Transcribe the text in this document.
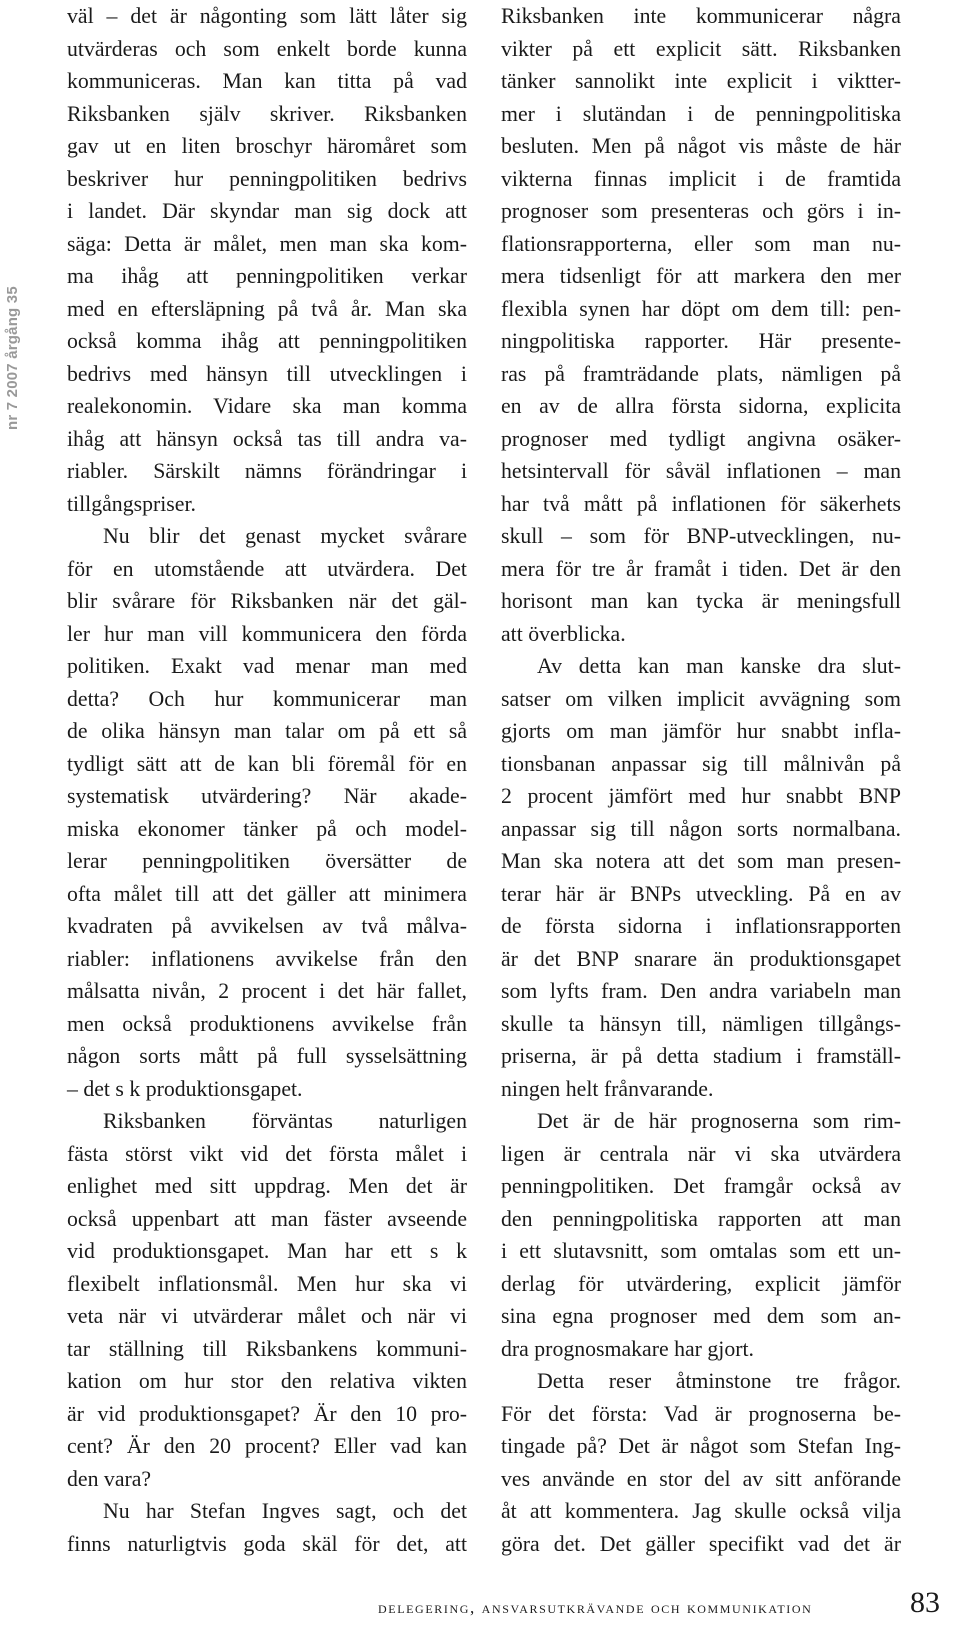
nr 7 2007 årgång 35
väl – det är någonting som lätt låter sig
utvärderas och som enkelt borde kunna
kommuniceras. Man kan titta på vad
Riksbanken själv skriver. Riksbanken
gav ut en liten broschyr häromåret som
beskriver hur penningpolitiken bedrivs
i landet. Där skyndar man sig dock att
säga: Detta är målet, men man ska kom-
ma ihåg att penningpolitiken verkar
med en eftersläpning på två år. Man ska
också komma ihåg att penningpolitiken
bedrivs med hänsyn till utvecklingen i
realekonomin. Vidare ska man komma
ihåg att hänsyn också tas till andra va-
riabler. Särskilt nämns förändringar i
tillgångspriser.
Nu blir det genast mycket svårare
för en utomstående att utvärdera. Det
blir svårare för Riksbanken när det gäl-
ler hur man vill kommunicera den förda
politiken. Exakt vad menar man med
detta? Och hur kommunicerar man
de olika hänsyn man talar om på ett så
tydligt sätt att de kan bli föremål för en
systematisk utvärdering? När akade-
miska ekonomer tänker på och model-
lerar penningpolitiken översätter de
ofta målet till att det gäller att minimera
kvadraten på avvikelsen av två målva-
riabler: inflationens avvikelse från den
målsatta nivån, 2 procent i det här fallet,
men också produktionens avvikelse från
någon sorts mått på full sysselsättning
– det s k produktionsgapet.
Riksbanken förväntas naturligen
fästa störst vikt vid det första målet i
enlighet med sitt uppdrag. Men det är
också uppenbart att man fäster avseende
vid produktionsgapet. Man har ett s k
flexibelt inflationsmål. Men hur ska vi
veta när vi utvärderar målet och när vi
tar ställning till Riksbankens kommuni-
kation om hur stor den relativa vikten
är vid produktionsgapet? Är den 10 pro-
cent? Är den 20 procent? Eller vad kan
den vara?
Nu har Stefan Ingves sagt, och det
finns naturligtvis goda skäl för det, att
Riksbanken inte kommunicerar några
vikter på ett explicit sätt. Riksbanken
tänker sannolikt inte explicit i viktter-
mer i slutändan i de penningpolitiska
besluten. Men på något vis måste de här
vikterna finnas implicit i de framtida
prognoser som presenteras och görs i in-
flationsrapporterna, eller som man nu-
mera tidsenligt för att markera den mer
flexibla synen har döpt om dem till: pen-
ningpolitiska rapporter. Här presente-
ras på framträdande plats, nämligen på
en av de allra första sidorna, explicita
prognoser med tydligt angivna osäker-
hetsintervall för såväl inflationen – man
har två mått på inflationen för säkerhets
skull – som för BNP-utvecklingen, nu-
mera för tre år framåt i tiden. Det är den
horisont man kan tycka är meningsfull
att överblicka.
Av detta kan man kanske dra slut-
satser om vilken implicit avvägning som
gjorts om man jämför hur snabbt infla-
tionsbanan anpassar sig till målnivån på
2 procent jämfört med hur snabbt BNP
anpassar sig till någon sorts normalbana.
Man ska notera att det som man presen-
terar här är BNPs utveckling. På en av
de första sidorna i inflationsrapporten
är det BNP snarare än produktionsgapet
som lyfts fram. Den andra variabeln man
skulle ta hänsyn till, nämligen tillgångs-
priserna, är på detta stadium i framställ-
ningen helt frånvarande.
Det är de här prognoserna som rim-
ligen är centrala när vi ska utvärdera
penningpolitiken. Det framgår också av
den penningpolitiska rapporten att man
i ett slutavsnitt, som omtalas som ett un-
derlag för utvärdering, explicit jämför
sina egna prognoser med dem som an-
dra prognosmakare har gjort.
Detta reser åtminstone tre frågor.
För det första: Vad är prognoserna be-
tingade på? Det är något som Stefan Ing-
ves använde en stor del av sitt anförande
åt att kommentera. Jag skulle också vilja
göra det. Det gäller specifikt vad det är
delegering, ansvarsutkrävande och kommunikation	83
